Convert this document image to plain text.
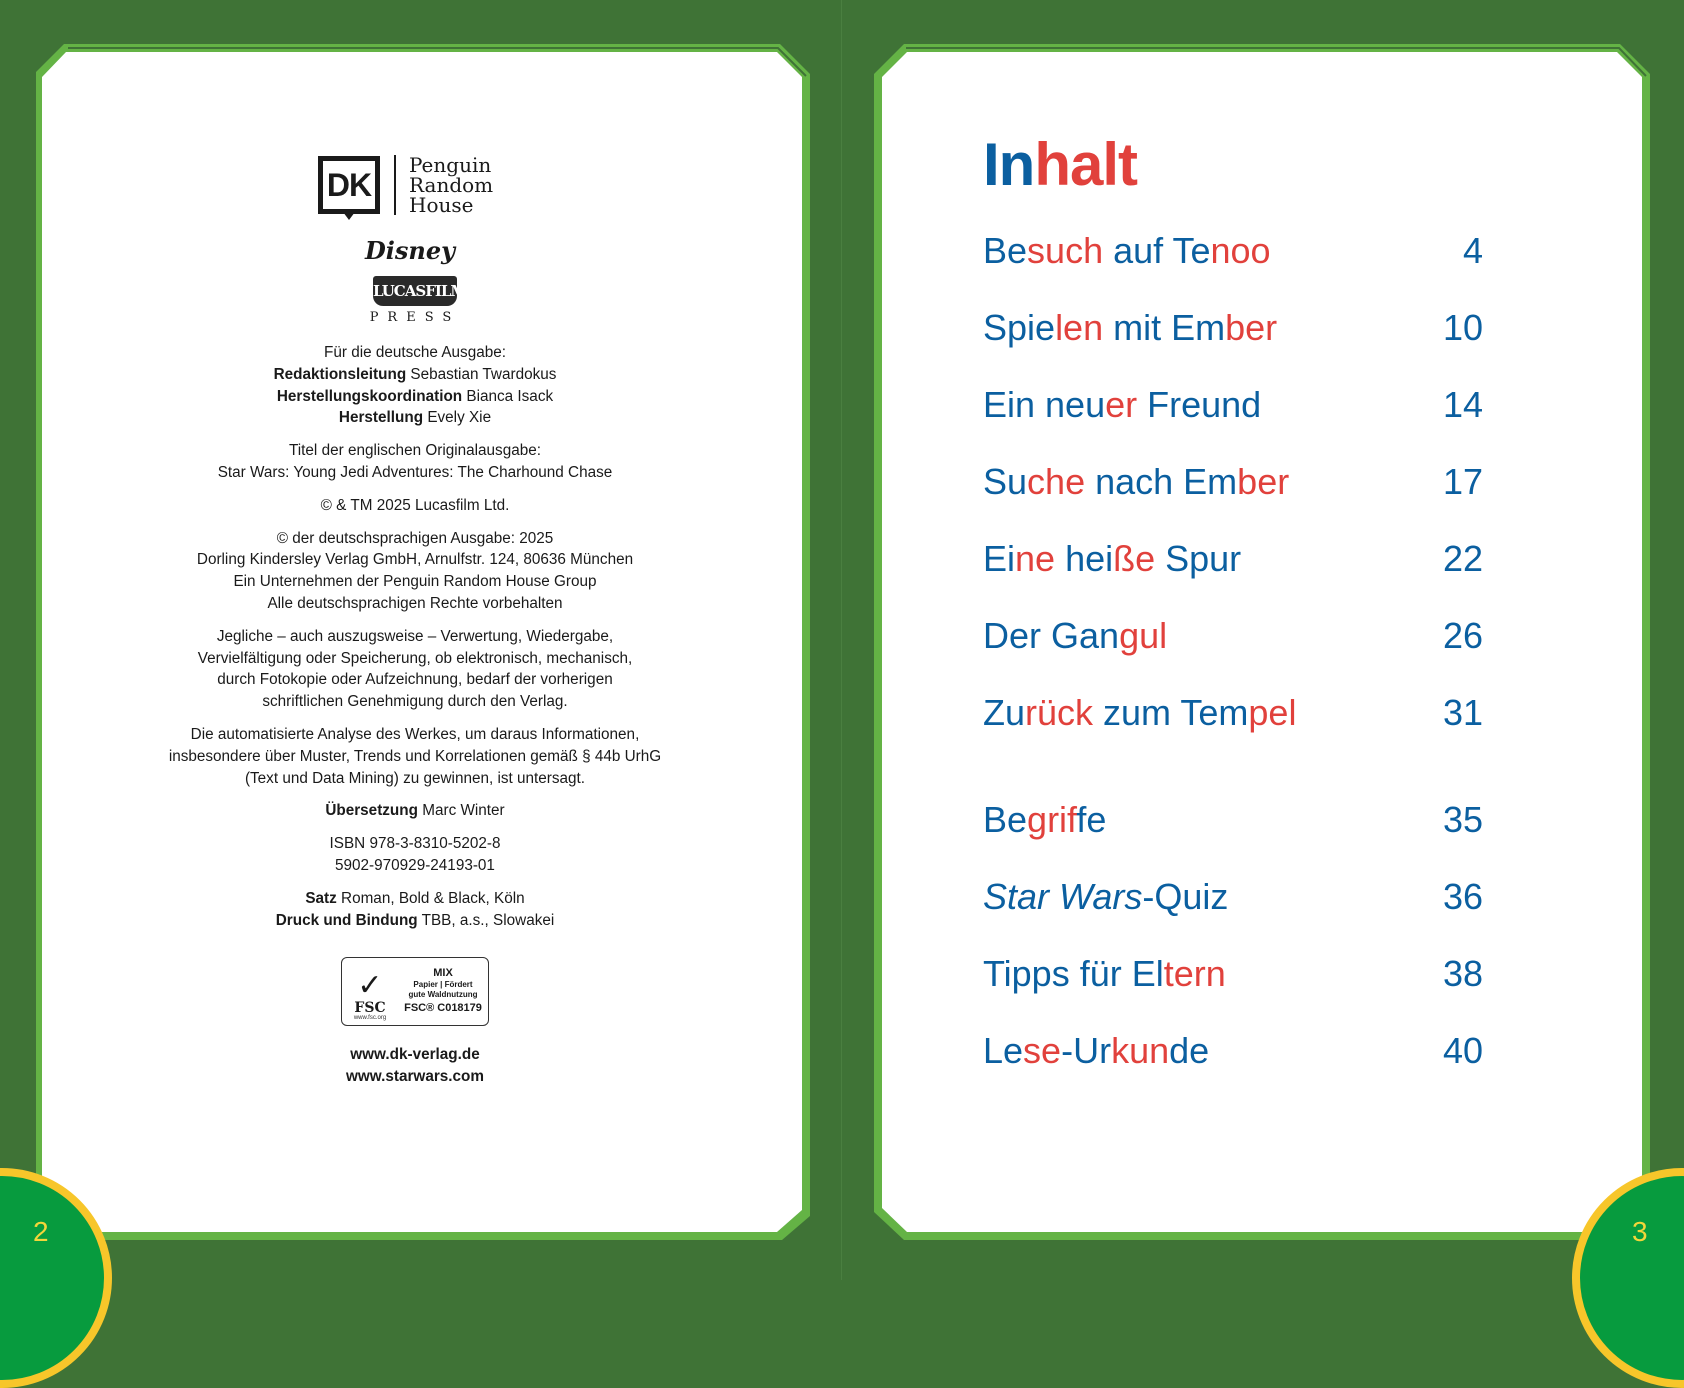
DK
Penguin
Random
House
Disney
LUCASFILM
PRESS
Für die deutsche Ausgabe:
Redaktionsleitung Sebastian Twardokus
Herstellungskoordination Bianca Isack
Herstellung Evely Xie
Titel der englischen Originalausgabe:
Star Wars: Young Jedi Adventures: The Charhound Chase
© & TM 2025 Lucasfilm Ltd.
© der deutschsprachigen Ausgabe: 2025
Dorling Kindersley Verlag GmbH, Arnulfstr. 124, 80636 München
Ein Unternehmen der Penguin Random House Group
Alle deutschsprachigen Rechte vorbehalten
Jegliche – auch auszugsweise – Verwertung, Wiedergabe,
Vervielfältigung oder Speicherung, ob elektronisch, mechanisch,
durch Fotokopie oder Aufzeichnung, bedarf der vorherigen
schriftlichen Genehmigung durch den Verlag.
Die automatisierte Analyse des Werkes, um daraus Informationen,
insbesondere über Muster, Trends und Korrelationen gemäß § 44b UrhG
(Text und Data Mining) zu gewinnen, ist untersagt.
Übersetzung Marc Winter
ISBN 978-3-8310-5202-8
5902-970929-24193-01
Satz Roman, Bold & Black, Köln
Druck und Bindung TBB, a.s., Slowakei
✓
FSC
www.fsc.org
MIX
Papier | Fördert
gute Waldnutzung
FSC® C018179
www.dk-verlag.de
www.starwars.com
2	3
Inhalt
Besuch auf Tenoo	4
Spielen mit Ember	10
Ein neuer Freund	14
Suche nach Ember	17
Eine heiße Spur	22
Der Gangul	26
Zurück zum Tempel	31
Begriffe	35
Star Wars-Quiz	36
Tipps für Eltern	38
Lese-Urkunde	40
